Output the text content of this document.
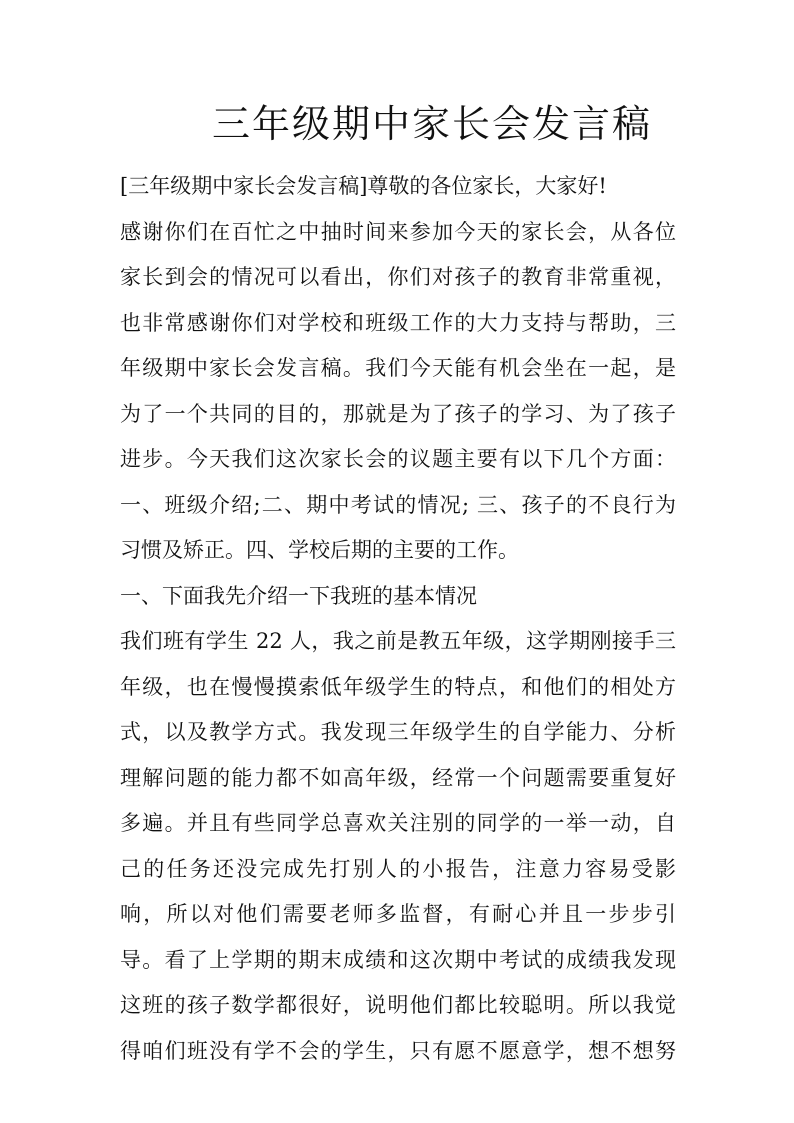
三年级期中家长会发言稿
[三年级期中家长会发言稿]尊敬的各位家长，大家好!
感谢你们在百忙之中抽时间来参加今天的家长会，从各位
家长到会的情况可以看出，你们对孩子的教育非常重视，
也非常感谢你们对学校和班级工作的大力支持与帮助，三
年级期中家长会发言稿。我们今天能有机会坐在一起，是
为了一个共同的目的，那就是为了孩子的学习、为了孩子
进步。今天我们这次家长会的议题主要有以下几个方面：
一、班级介绍;二、期中考试的情况; 三、孩子的不良行为
习惯及矫正。四、学校后期的主要的工作。
一、下面我先介绍一下我班的基本情况
我们班有学生 22 人，我之前是教五年级，这学期刚接手三
年级，也在慢慢摸索低年级学生的特点，和他们的相处方
式，以及教学方式。我发现三年级学生的自学能力、分析
理解问题的能力都不如高年级，经常一个问题需要重复好
多遍。并且有些同学总喜欢关注别的同学的一举一动，自
己的任务还没完成先打别人的小报告，注意力容易受影
响，所以对他们需要老师多监督，有耐心并且一步步引
导。看了上学期的期末成绩和这次期中考试的成绩我发现
这班的孩子数学都很好，说明他们都比较聪明。所以我觉
得咱们班没有学不会的学生，只有愿不愿意学，想不想努
